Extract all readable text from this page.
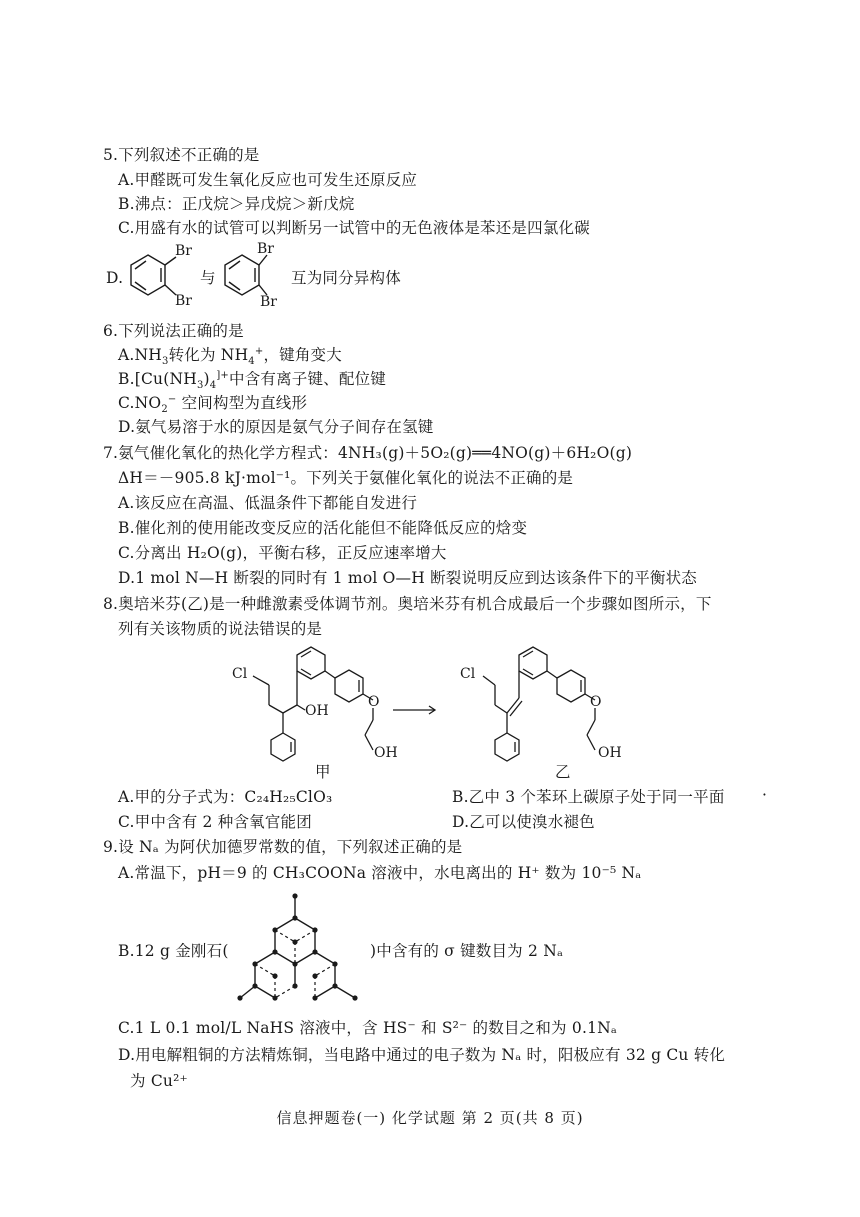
5.下列叙述不正确的是
A.甲醛既可发生氧化反应也可发生还原反应
B.沸点：正戊烷＞异戊烷＞新戊烷
C.用盛有水的试管可以判断另一试管中的无色液体是苯还是四氯化碳
D.
Br
Br
与
Br
Br
互为同分异构体
6.下列说法正确的是
$A.NH_3$转化为 $NH_4^+$，键角变大
$B.[Cu(NH_3)_4^{]+}$中含有离子键、配位键
$C.NO_2^-$ 空间构型为直线形
D.氨气易溶于水的原因是氨气分子间存在氢键
7.氨气催化氧化的热化学方程式：4NH₃(g)＋5O₂(g)══4NO(g)＋6H₂O(g)
ΔH＝－905.8 kJ·mol⁻¹。下列关于氨催化氧化的说法不正确的是
A.该反应在高温、低温条件下都能自发进行
B.催化剂的使用能改变反应的活化能但不能降低反应的焓变
C.分离出 H₂O(g)，平衡右移，正反应速率增大
D.1 mol N—H 断裂的同时有 1 mol O—H 断裂说明反应到达该条件下的平衡状态
8.奥培米芬(乙)是一种雌激素受体调节剂。奥培米芬有机合成最后一个步骤如图所示，下
列有关该物质的说法错误的是
Cl
OH
O
OH
Cl
O
OH
甲	乙
A.甲的分子式为：C₂₄H₂₅ClO₃	B.乙中 3 个苯环上碳原子处于同一平面 ·
C.甲中含有 2 种含氧官能团	D.乙可以使溴水褪色
9.设 Nₐ 为阿伏加德罗常数的值，下列叙述正确的是
A.常温下，pH＝9 的 CH₃COONa 溶液中，水电离出的 H⁺ 数为 10⁻⁵ Nₐ
B.12 g 金刚石(	)中含有的 σ 键数目为 2 Nₐ
C.1 L 0.1 mol/L NaHS 溶液中，含 HS⁻ 和 S²⁻ 的数目之和为 0.1Nₐ
D.用电解粗铜的方法精炼铜，当电路中通过的电子数为 Nₐ 时，阳极应有 32 g Cu 转化
为 Cu²⁺
信息押题卷(一) 化学试题 第 2 页(共 8 页)
